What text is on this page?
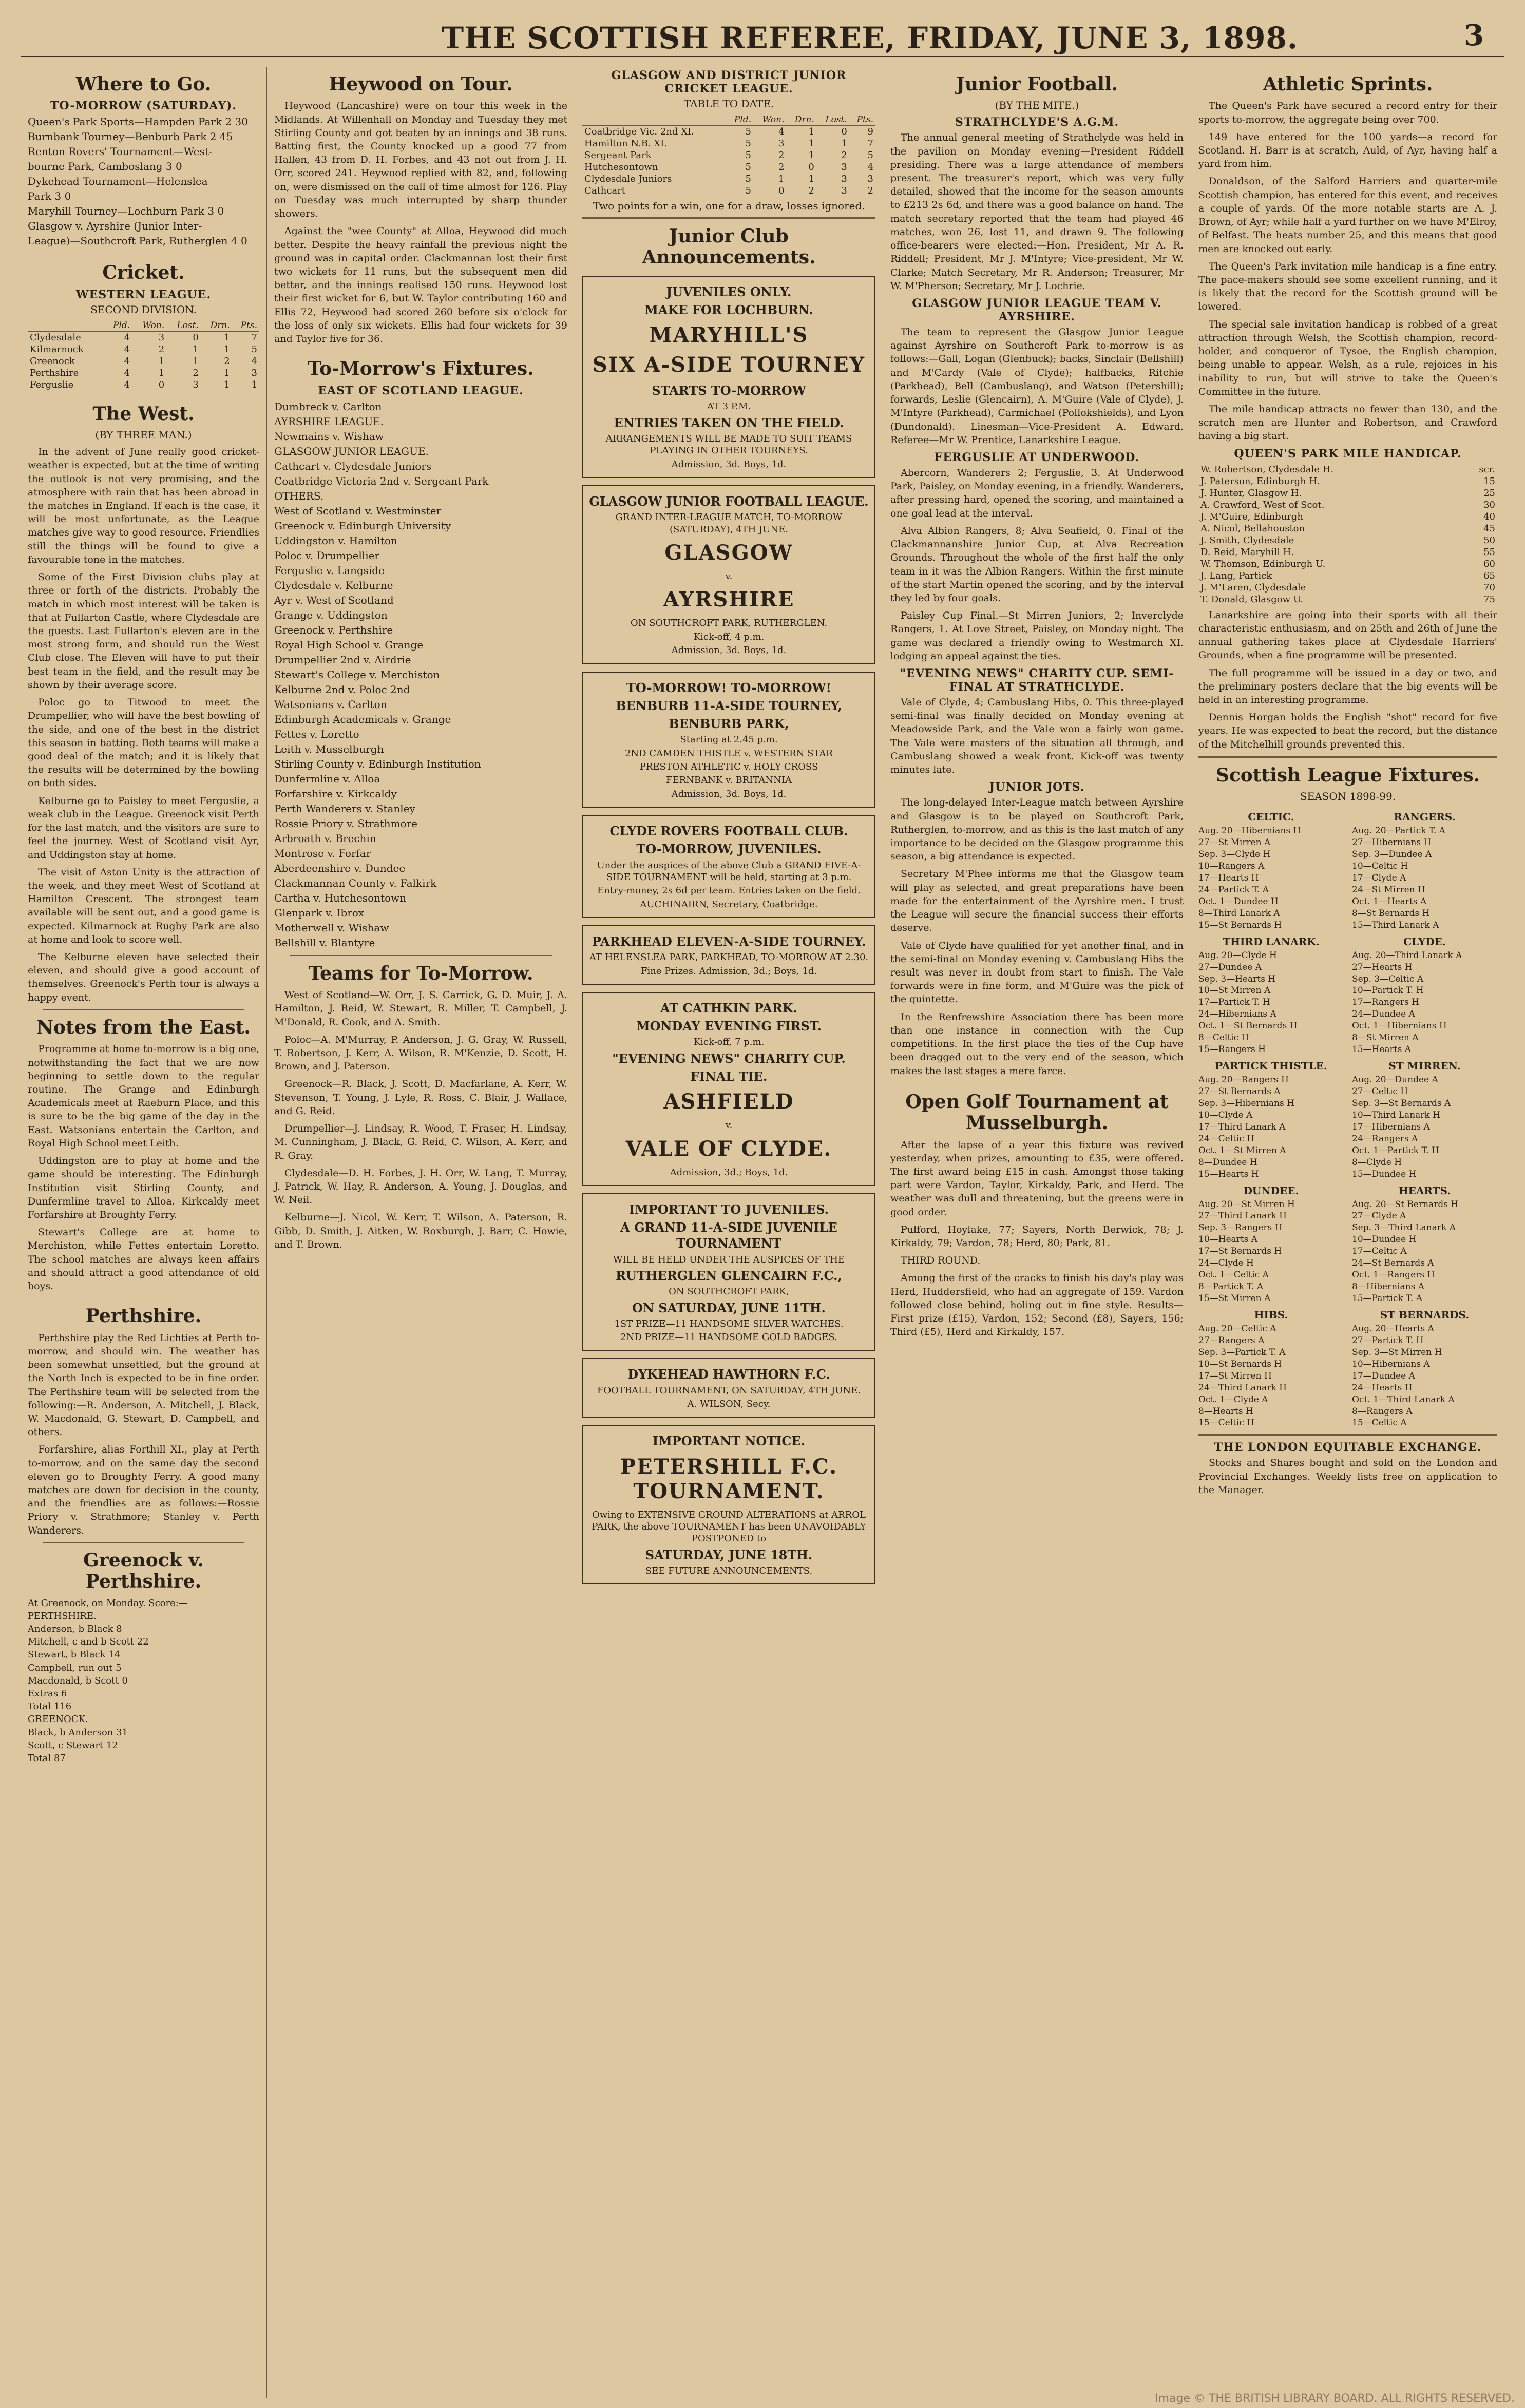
THE SCOTTISH REFEREE, FRIDAY, JUNE 3, 1898.	3
Where to Go.
TO-MORROW (SATURDAY).
Queen's Park Sports—Hampden Park 2 30
Burnbank Tourney—Benburb Park 2 45
Renton Rovers' Tournament—West-
bourne Park, Camboslang 3 0
Dykehead Tournament—Helenslea
Park 3 0
Maryhill Tourney—Lochburn Park 3 0
Glasgow v. Ayrshire (Junior Inter-
League)—Southcroft Park, Rutherglen 4 0
Cricket.
WESTERN LEAGUE.
SECOND DIVISION.
	Pld.	Won.	Lost.	Drn.	Pts.
Clydesdale	4	3	0	1	7
Kilmarnock	4	2	1	1	5
Greenock	4	1	1	2	4
Perthshire	4	1	2	1	3
Ferguslie	4	0	3	1	1
The West.
(BY THREE MAN.)
In the advent of June really good cricket-weather is expected, but at the time of writing the outlook is not very promising, and the atmosphere with rain that has been abroad in the matches in England. If each is the case, it will be most unfortunate, as the League matches give way to good resource. Friendlies still the things will be found to give a favourable tone in the matches.
Some of the First Division clubs play at three or forth of the districts. Probably the match in which most interest will be taken is that at Fullarton Castle, where Clydesdale are the guests. Last Fullarton's eleven are in the most strong form, and should run the West Club close. The Eleven will have to put their best team in the field, and the result may be shown by their average score.
Poloc go to Titwood to meet the Drumpellier, who will have the best bowling of the side, and one of the best in the district this season in batting. Both teams will make a good deal of the match; and it is likely that the results will be determined by the bowling on both sides.
Kelburne go to Paisley to meet Ferguslie, a weak club in the League. Greenock visit Perth for the last match, and the visitors are sure to feel the journey. West of Scotland visit Ayr, and Uddingston stay at home.
The visit of Aston Unity is the attraction of the week, and they meet West of Scotland at Hamilton Crescent. The strongest team available will be sent out, and a good game is expected. Kilmarnock at Rugby Park are also at home and look to score well.
The Kelburne eleven have selected their eleven, and should give a good account of themselves. Greenock's Perth tour is always a happy event.
Notes from the East.
Programme at home to-morrow is a big one, notwithstanding the fact that we are now beginning to settle down to the regular routine. The Grange and Edinburgh Academicals meet at Raeburn Place, and this is sure to be the big game of the day in the East. Watsonians entertain the Carlton, and Royal High School meet Leith.
Uddingston are to play at home and the game should be interesting. The Edinburgh Institution visit Stirling County, and Dunfermline travel to Alloa. Kirkcaldy meet Forfarshire at Broughty Ferry.
Stewart's College are at home to Merchiston, while Fettes entertain Loretto. The school matches are always keen affairs and should attract a good attendance of old boys.
Perthshire.
Perthshire play the Red Lichties at Perth to-morrow, and should win. The weather has been somewhat unsettled, but the ground at the North Inch is expected to be in fine order. The Perthshire team will be selected from the following:—R. Anderson, A. Mitchell, J. Black, W. Macdonald, G. Stewart, D. Campbell, and others.
Forfarshire, alias Forthill XI., play at Perth to-morrow, and on the same day the second eleven go to Broughty Ferry. A good many matches are down for decision in the county, and the friendlies are as follows:—Rossie Priory v. Strathmore; Stanley v. Perth Wanderers.
Greenock v. Perthshire.
At Greenock, on Monday. Score:—
PERTHSHIRE.
Anderson, b Black 8
Mitchell, c and b Scott 22
Stewart, b Black 14
Campbell, run out 5
Macdonald, b Scott 0
Extras 6
Total 116
GREENOCK.
Black, b Anderson 31
Scott, c Stewart 12
Total 87
Heywood on Tour.
Heywood (Lancashire) were on tour this week in the Midlands. At Willenhall on Monday and Tuesday they met Stirling County and got beaten by an innings and 38 runs. Batting first, the County knocked up a good 77 from Hallen, 43 from D. H. Forbes, and 43 not out from J. H. Orr, scored 241. Heywood replied with 82, and, following on, were dismissed on the call of time almost for 126. Play on Tuesday was much interrupted by sharp thunder showers.
Against the "wee County" at Alloa, Heywood did much better. Despite the heavy rainfall the previous night the ground was in capital order. Clackmannan lost their first two wickets for 11 runs, but the subsequent men did better, and the innings realised 150 runs. Heywood lost their first wicket for 6, but W. Taylor contributing 160 and Ellis 72, Heywood had scored 260 before six o'clock for the loss of only six wickets. Ellis had four wickets for 39 and Taylor five for 36.
To-Morrow's Fixtures.
EAST OF SCOTLAND LEAGUE.
Dumbreck v. Carlton
AYRSHIRE LEAGUE.
Newmains v. Wishaw
GLASGOW JUNIOR LEAGUE.
Cathcart v. Clydesdale Juniors
Coatbridge Victoria 2nd v. Sergeant Park
OTHERS.
West of Scotland v. Westminster
Greenock v. Edinburgh University
Uddingston v. Hamilton
Poloc v. Drumpellier
Ferguslie v. Langside
Clydesdale v. Kelburne
Ayr v. West of Scotland
Grange v. Uddingston
Greenock v. Perthshire
Royal High School v. Grange
Drumpellier 2nd v. Airdrie
Stewart's College v. Merchiston
Kelburne 2nd v. Poloc 2nd
Watsonians v. Carlton
Edinburgh Academicals v. Grange
Fettes v. Loretto
Leith v. Musselburgh
Stirling County v. Edinburgh Institution
Dunfermline v. Alloa
Forfarshire v. Kirkcaldy
Perth Wanderers v. Stanley
Rossie Priory v. Strathmore
Arbroath v. Brechin
Montrose v. Forfar
Aberdeenshire v. Dundee
Clackmannan County v. Falkirk
Cartha v. Hutchesontown
Glenpark v. Ibrox
Motherwell v. Wishaw
Bellshill v. Blantyre
Teams for To-Morrow.
West of Scotland—W. Orr, J. S. Carrick, G. D. Muir, J. A. Hamilton, J. Reid, W. Stewart, R. Miller, T. Campbell, J. M'Donald, R. Cook, and A. Smith.
Poloc—A. M'Murray, P. Anderson, J. G. Gray, W. Russell, T. Robertson, J. Kerr, A. Wilson, R. M'Kenzie, D. Scott, H. Brown, and J. Paterson.
Greenock—R. Black, J. Scott, D. Macfarlane, A. Kerr, W. Stevenson, T. Young, J. Lyle, R. Ross, C. Blair, J. Wallace, and G. Reid.
Drumpellier—J. Lindsay, R. Wood, T. Fraser, H. Lindsay, M. Cunningham, J. Black, G. Reid, C. Wilson, A. Kerr, and R. Gray.
Clydesdale—D. H. Forbes, J. H. Orr, W. Lang, T. Murray, J. Patrick, W. Hay, R. Anderson, A. Young, J. Douglas, and W. Neil.
Kelburne—J. Nicol, W. Kerr, T. Wilson, A. Paterson, R. Gibb, D. Smith, J. Aitken, W. Roxburgh, J. Barr, C. Howie, and T. Brown.
GLASGOW AND DISTRICT JUNIOR CRICKET LEAGUE.
TABLE TO DATE.
	Pld.	Won.	Drn.	Lost.	Pts.
Coatbridge Vic. 2nd XI.	5	4	1	0	9
Hamilton N.B. XI.	5	3	1	1	7
Sergeant Park	5	2	1	2	5
Hutchesontown	5	2	0	3	4
Clydesdale Juniors	5	1	1	3	3
Cathcart	5	0	2	3	2
Two points for a win, one for a draw, losses ignored.
Junior Club Announcements.
JUVENILES ONLY.
MAKE FOR LOCHBURN.
MARYHILL'S
SIX A-SIDE TOURNEY
STARTS TO-MORROW
AT 3 P.M.
ENTRIES TAKEN ON THE FIELD.
ARRANGEMENTS WILL BE MADE TO SUIT TEAMS PLAYING IN OTHER TOURNEYS.
Admission, 3d. Boys, 1d.
GLASGOW JUNIOR FOOTBALL LEAGUE.
GRAND INTER-LEAGUE MATCH, TO-MORROW (SATURDAY), 4TH JUNE.
GLASGOW
v.
AYRSHIRE
ON SOUTHCROFT PARK, RUTHERGLEN.
Kick-off, 4 p.m.
Admission, 3d. Boys, 1d.
TO-MORROW! TO-MORROW!
BENBURB 11-A-SIDE TOURNEY,
BENBURB PARK,
Starting at 2.45 p.m.
2ND CAMDEN THISTLE v. WESTERN STAR
PRESTON ATHLETIC v. HOLY CROSS
FERNBANK v. BRITANNIA
Admission, 3d. Boys, 1d.
CLYDE ROVERS FOOTBALL CLUB.
TO-MORROW, JUVENILES.
Under the auspices of the above Club a GRAND FIVE-A-SIDE TOURNAMENT will be held, starting at 3 p.m.
Entry-money, 2s 6d per team. Entries taken on the field.
AUCHINAIRN, Secretary, Coatbridge.
PARKHEAD ELEVEN-A-SIDE TOURNEY.
AT HELENSLEA PARK, PARKHEAD, TO-MORROW AT 2.30.
Fine Prizes. Admission, 3d.; Boys, 1d.
AT CATHKIN PARK.
MONDAY EVENING FIRST.
Kick-off, 7 p.m.
"EVENING NEWS" CHARITY CUP.
FINAL TIE.
ASHFIELD
v.
VALE OF CLYDE.
Admission, 3d.; Boys, 1d.
IMPORTANT TO JUVENILES.
A GRAND 11-A-SIDE JUVENILE TOURNAMENT
WILL BE HELD UNDER THE AUSPICES OF THE
RUTHERGLEN GLENCAIRN F.C.,
ON SOUTHCROFT PARK,
ON SATURDAY, JUNE 11TH.
1ST PRIZE—11 HANDSOME SILVER WATCHES.
2ND PRIZE—11 HANDSOME GOLD BADGES.
DYKEHEAD HAWTHORN F.C.
FOOTBALL TOURNAMENT, ON SATURDAY, 4TH JUNE.
A. WILSON, Secy.
IMPORTANT NOTICE.
PETERSHILL F.C. TOURNAMENT.
Owing to EXTENSIVE GROUND ALTERATIONS at ARROL PARK, the above TOURNAMENT has been UNAVOIDABLY POSTPONED to
SATURDAY, JUNE 18TH.
SEE FUTURE ANNOUNCEMENTS.
Junior Football.
(BY THE MITE.)
STRATHCLYDE'S A.G.M.
The annual general meeting of Strathclyde was held in the pavilion on Monday evening—President Riddell presiding. There was a large attendance of members present. The treasurer's report, which was very fully detailed, showed that the income for the season amounts to £213 2s 6d, and there was a good balance on hand. The match secretary reported that the team had played 46 matches, won 26, lost 11, and drawn 9. The following office-bearers were elected:—Hon. President, Mr A. R. Riddell; President, Mr J. M'Intyre; Vice-president, Mr W. Clarke; Match Secretary, Mr R. Anderson; Treasurer, Mr W. M'Pherson; Secretary, Mr J. Lochrie.
GLASGOW JUNIOR LEAGUE TEAM V. AYRSHIRE.
The team to represent the Glasgow Junior League against Ayrshire on Southcroft Park to-morrow is as follows:—Gall, Logan (Glenbuck); backs, Sinclair (Bellshill) and M'Cardy (Vale of Clyde); halfbacks, Ritchie (Parkhead), Bell (Cambuslang), and Watson (Petershill); forwards, Leslie (Glencairn), A. M'Guire (Vale of Clyde), J. M'Intyre (Parkhead), Carmichael (Pollokshields), and Lyon (Dundonald). Linesman—Vice-President A. Edward. Referee—Mr W. Prentice, Lanarkshire League.
FERGUSLIE AT UNDERWOOD.
Abercorn, Wanderers 2; Ferguslie, 3. At Underwood Park, Paisley, on Monday evening, in a friendly. Wanderers, after pressing hard, opened the scoring, and maintained a one goal lead at the interval.
Alva Albion Rangers, 8; Alva Seafield, 0. Final of the Clackmannanshire Junior Cup, at Alva Recreation Grounds. Throughout the whole of the first half the only team in it was the Albion Rangers. Within the first minute of the start Martin opened the scoring, and by the interval they led by four goals.
Paisley Cup Final.—St Mirren Juniors, 2; Inverclyde Rangers, 1. At Love Street, Paisley, on Monday night. The game was declared a friendly owing to Westmarch XI. lodging an appeal against the ties.
"EVENING NEWS" CHARITY CUP. SEMI-FINAL AT STRATHCLYDE.
Vale of Clyde, 4; Cambuslang Hibs, 0. This three-played semi-final was finally decided on Monday evening at Meadowside Park, and the Vale won a fairly won game. The Vale were masters of the situation all through, and Cambuslang showed a weak front. Kick-off was twenty minutes late.
JUNIOR JOTS.
The long-delayed Inter-League match between Ayrshire and Glasgow is to be played on Southcroft Park, Rutherglen, to-morrow, and as this is the last match of any importance to be decided on the Glasgow programme this season, a big attendance is expected.
Secretary M'Phee informs me that the Glasgow team will play as selected, and great preparations have been made for the entertainment of the Ayrshire men. I trust the League will secure the financial success their efforts deserve.
Vale of Clyde have qualified for yet another final, and in the semi-final on Monday evening v. Cambuslang Hibs the result was never in doubt from start to finish. The Vale forwards were in fine form, and M'Guire was the pick of the quintette.
In the Renfrewshire Association there has been more than one instance in connection with the Cup competitions. In the first place the ties of the Cup have been dragged out to the very end of the season, which makes the last stages a mere farce.
Open Golf Tournament at Musselburgh.
After the lapse of a year this fixture was revived yesterday, when prizes, amounting to £35, were offered. The first award being £15 in cash. Amongst those taking part were Vardon, Taylor, Kirkaldy, Park, and Herd. The weather was dull and threatening, but the greens were in good order.
Pulford, Hoylake, 77; Sayers, North Berwick, 78; J. Kirkaldy, 79; Vardon, 78; Herd, 80; Park, 81.
THIRD ROUND.
Among the first of the cracks to finish his day's play was Herd, Huddersfield, who had an aggregate of 159. Vardon followed close behind, holing out in fine style. Results—First prize (£15), Vardon, 152; Second (£8), Sayers, 156; Third (£5), Herd and Kirkaldy, 157.
Athletic Sprints.
The Queen's Park have secured a record entry for their sports to-morrow, the aggregate being over 700.
149 have entered for the 100 yards—a record for Scotland. H. Barr is at scratch, Auld, of Ayr, having half a yard from him.
Donaldson, of the Salford Harriers and quarter-mile Scottish champion, has entered for this event, and receives a couple of yards. Of the more notable starts are A. J. Brown, of Ayr; while half a yard further on we have M'Elroy, of Belfast. The heats number 25, and this means that good men are knocked out early.
The Queen's Park invitation mile handicap is a fine entry. The pace-makers should see some excellent running, and it is likely that the record for the Scottish ground will be lowered.
The special sale invitation handicap is robbed of a great attraction through Welsh, the Scottish champion, record-holder, and conqueror of Tysoe, the English champion, being unable to appear. Welsh, as a rule, rejoices in his inability to run, but will strive to take the Queen's Committee in the future.
The mile handicap attracts no fewer than 130, and the scratch men are Hunter and Robertson, and Crawford having a big start.
QUEEN'S PARK MILE HANDICAP.
W. Robertson, Clydesdale H.	scr.
J. Paterson, Edinburgh H.	15
J. Hunter, Glasgow H.	25
A. Crawford, West of Scot.	30
J. M'Guire, Edinburgh	40
A. Nicol, Bellahouston	45
J. Smith, Clydesdale	50
D. Reid, Maryhill H.	55
W. Thomson, Edinburgh U.	60
J. Lang, Partick	65
J. M'Laren, Clydesdale	70
T. Donald, Glasgow U.	75
Lanarkshire are going into their sports with all their characteristic enthusiasm, and on 25th and 26th of June the annual gathering takes place at Clydesdale Harriers' Grounds, when a fine programme will be presented.
The full programme will be issued in a day or two, and the preliminary posters declare that the big events will be held in an interesting programme.
Dennis Horgan holds the English "shot" record for five years. He was expected to beat the record, but the distance of the Mitchelhill grounds prevented this.
Scottish League Fixtures.
SEASON 1898-99.
CELTIC.
Aug. 20—Hibernians H
27—St Mirren A
Sep. 3—Clyde H
10—Rangers A
17—Hearts H
24—Partick T. A
Oct. 1—Dundee H
8—Third Lanark A
15—St Bernards H
RANGERS.
Aug. 20—Partick T. A
27—Hibernians H
Sep. 3—Dundee A
10—Celtic H
17—Clyde A
24—St Mirren H
Oct. 1—Hearts A
8—St Bernards H
15—Third Lanark A
THIRD LANARK.
Aug. 20—Clyde H
27—Dundee A
Sep. 3—Hearts H
10—St Mirren A
17—Partick T. H
24—Hibernians A
Oct. 1—St Bernards H
8—Celtic H
15—Rangers H
CLYDE.
Aug. 20—Third Lanark A
27—Hearts H
Sep. 3—Celtic A
10—Partick T. H
17—Rangers H
24—Dundee A
Oct. 1—Hibernians H
8—St Mirren A
15—Hearts A
PARTICK THISTLE.
Aug. 20—Rangers H
27—St Bernards A
Sep. 3—Hibernians H
10—Clyde A
17—Third Lanark A
24—Celtic H
Oct. 1—St Mirren A
8—Dundee H
15—Hearts H
ST MIRREN.
Aug. 20—Dundee A
27—Celtic H
Sep. 3—St Bernards A
10—Third Lanark H
17—Hibernians A
24—Rangers A
Oct. 1—Partick T. H
8—Clyde H
15—Dundee H
DUNDEE.
Aug. 20—St Mirren H
27—Third Lanark H
Sep. 3—Rangers H
10—Hearts A
17—St Bernards H
24—Clyde H
Oct. 1—Celtic A
8—Partick T. A
15—St Mirren A
HEARTS.
Aug. 20—St Bernards H
27—Clyde A
Sep. 3—Third Lanark A
10—Dundee H
17—Celtic A
24—St Bernards A
Oct. 1—Rangers H
8—Hibernians A
15—Partick T. A
HIBS.
Aug. 20—Celtic A
27—Rangers A
Sep. 3—Partick T. A
10—St Bernards H
17—St Mirren H
24—Third Lanark H
Oct. 1—Clyde A
8—Hearts H
15—Celtic H
ST BERNARDS.
Aug. 20—Hearts A
27—Partick T. H
Sep. 3—St Mirren H
10—Hibernians A
17—Dundee A
24—Hearts H
Oct. 1—Third Lanark A
8—Rangers A
15—Celtic A
THE LONDON EQUITABLE EXCHANGE.
Stocks and Shares bought and sold on the London and Provincial Exchanges. Weekly lists free on application to the Manager.
Image © THE BRITISH LIBRARY BOARD. ALL RIGHTS RESERVED.
